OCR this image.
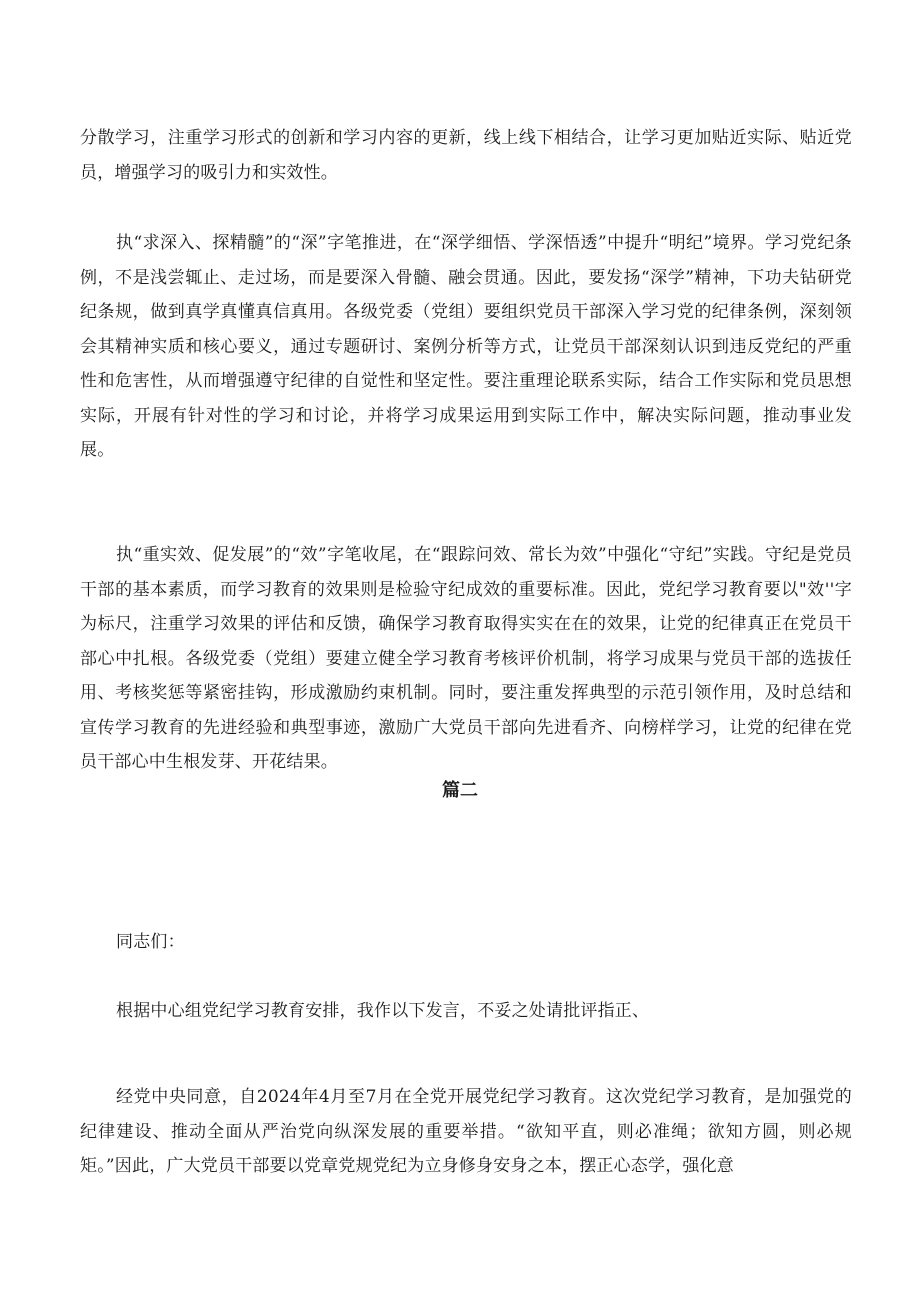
分散学习，注重学习形式的创新和学习内容的更新，线上线下相结合，让学习更加贴近实际、贴近党员，增强学习的吸引力和实效性。

执“求深入、探精髓”的“深”字笔推进，在“深学细悟、学深悟透”中提升“明纪”境界。学习党纪条例，不是浅尝辄止、走过场，而是要深入骨髓、融会贯通。因此，要发扬“深学”精神，下功夫钻研党纪条规，做到真学真懂真信真用。各级党委（党组）要组织党员干部深入学习党的纪律条例，深刻领会其精神实质和核心要义，通过专题研讨、案例分析等方式，让党员干部深刻认识到违反党纪的严重性和危害性，从而增强遵守纪律的自觉性和坚定性。要注重理论联系实际，结合工作实际和党员思想实际，开展有针对性的学习和讨论，并将学习成果运用到实际工作中，解决实际问题，推动事业发展。

执“重实效、促发展”的“效”字笔收尾，在“跟踪问效、常长为效”中强化“守纪”实践。守纪是党员干部的基本素质，而学习教育的效果则是检验守纪成效的重要标准。因此，党纪学习教育要以"效''字为标尺，注重学习效果的评估和反馈，确保学习教育取得实实在在的效果，让党的纪律真正在党员干部心中扎根。各级党委（党组）要建立健全学习教育考核评价机制，将学习成果与党员干部的选拔任用、考核奖惩等紧密挂钩，形成激励约束机制。同时，要注重发挥典型的示范引领作用，及时总结和宣传学习教育的先进经验和典型事迹，激励广大党员干部向先进看齐、向榜样学习，让党的纪律在党员干部心中生根发芽、开花结果。

篇二

同志们：

根据中心组党纪学习教育安排，我作以下发言，不妥之处请批评指正、

经党中央同意，自2024年4月至7月在全党开展党纪学习教育。这次党纪学习教育，是加强党的纪律建设、推动全面从严治党向纵深发展的重要举措。“欲知平直，则必准绳；欲知方圆，则必规矩。”因此，广大党员干部要以党章党规党纪为立身修身安身之本，摆正心态学，强化意
